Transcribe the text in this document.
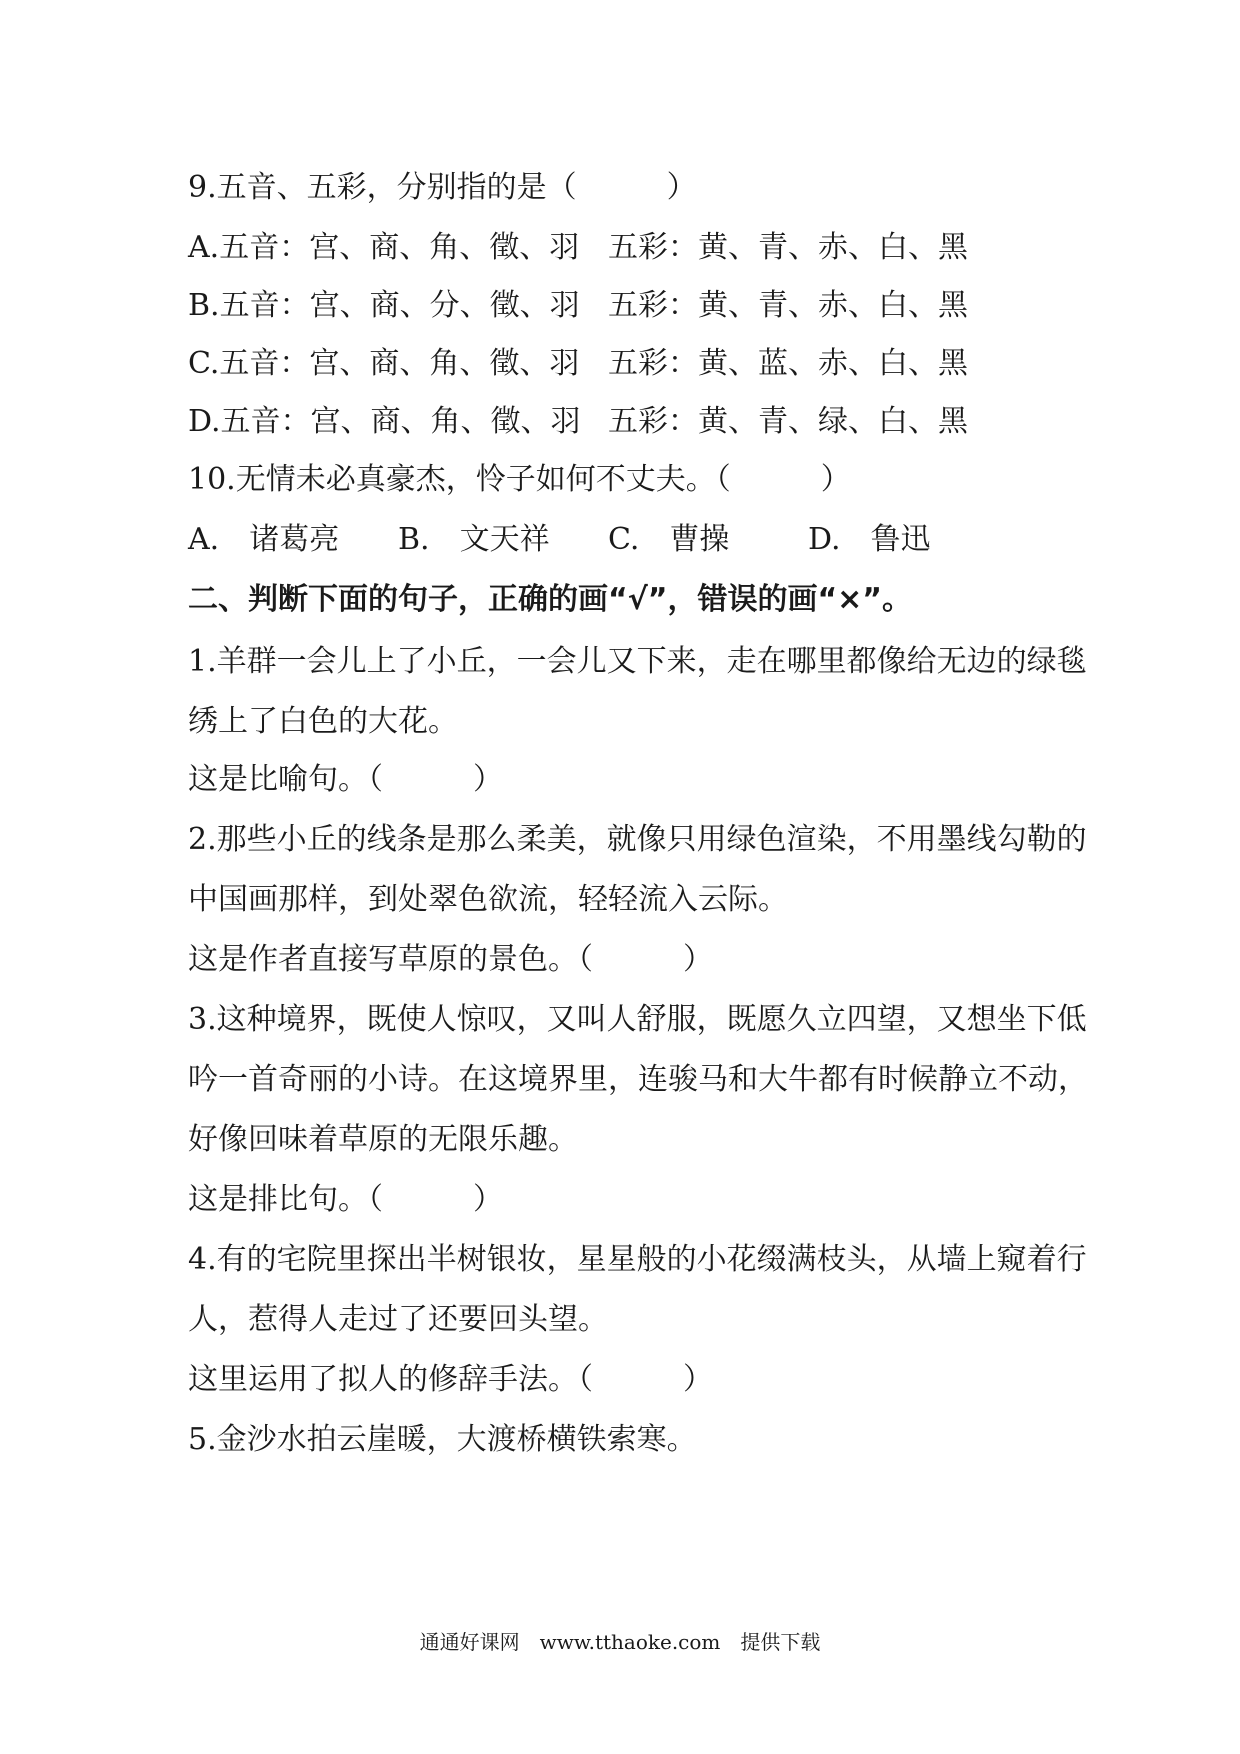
9.五音、五彩，分别指的是（　　　）
A.五音：宫、商、角、徵、羽 五彩：黄、青、赤、白、黑
B.五音：宫、商、分、徵、羽 五彩：黄、青、赤、白、黑
C.五音：宫、商、角、徵、羽 五彩：黄、蓝、赤、白、黑
D.五音：宫、商、角、徵、羽 五彩：黄、青、绿、白、黑
10.无情未必真豪杰，怜子如何不丈夫。（　　　）
A.　诸葛亮 B.　文天祥 C.　曹操	D.　鲁迅
二、判断下面的句子，正确的画“√”，错误的画“×”。
1.羊群一会儿上了小丘，一会儿又下来，走在哪里都像给无边的绿毯
绣上了白色的大花。
这是比喻句。（　　　）
2.那些小丘的线条是那么柔美，就像只用绿色渲染，不用墨线勾勒的
中国画那样，到处翠色欲流，轻轻流入云际。
这是作者直接写草原的景色。（　　　）
3.这种境界，既使人惊叹，又叫人舒服，既愿久立四望，又想坐下低
吟一首奇丽的小诗。在这境界里，连骏马和大牛都有时候静立不动，
好像回味着草原的无限乐趣。
这是排比句。（　　　）
4.有的宅院里探出半树银妆，星星般的小花缀满枝头，从墙上窥着行
人，惹得人走过了还要回头望。
这里运用了拟人的修辞手法。（　　　）
5.金沙水拍云崖暖，大渡桥横铁索寒。
通通好课网　www.tthaoke.com　提供下载
